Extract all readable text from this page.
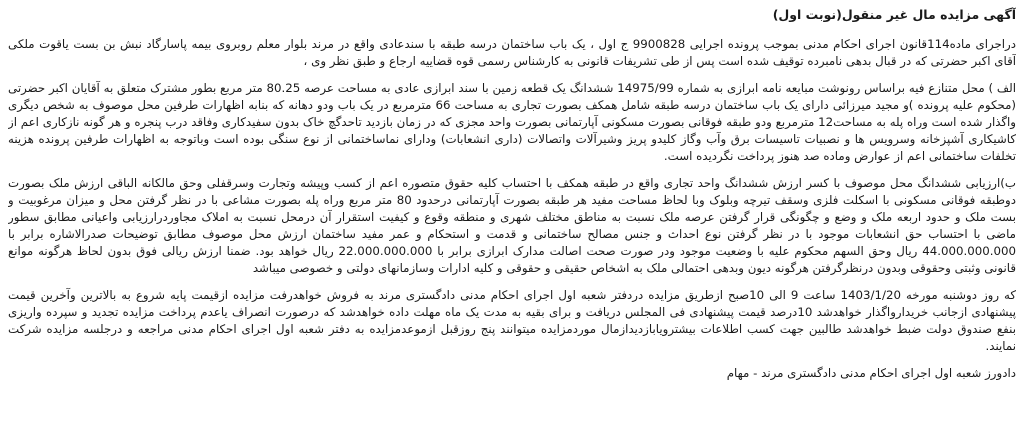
آگهی مزایده مال غیر منقول(نوبت اول)

دراجرای ماده114قانون اجرای احکام مدنی بموجب پرونده اجرایی 9900828 ج اول ، یک باب ساختمان درسه طبقه با سندعادی واقع در مرند بلوار معلم روبروی بیمه پاسارگاد نبش بن بست یاقوت ملکی آقای اکبر حضرتی که در قبال بدهی نامبرده توقیف شده است پس از طی تشریفات قانونی به کارشناس رسمی قوه قضاییه ارجاع و طبق نظر وی ،

الف ) محل متنازع فیه براساس رونوشت مبایعه نامه ابرازی به شماره 14975/99 ششدانگ یک قطعه زمین با سند ابرازی عادی به مساحت عرصه 80.25 متر مربع بطور مشترک متعلق به آقایان اکبر حضرتی (محکوم علیه پرونده )و مجید میرزائی دارای یک باب ساختمان درسه طبقه شامل همکف بصورت تجاری به مساحت 66 مترمربع در یک باب ودو دهانه که بنابه اظهارات طرفین محل موصوف به شخص دیگری واگذار شده است وراه پله به مساحت12 مترمربع ودو طبقه فوقانی بصورت مسکونی آپارتمانی بصورت واحد مجزی که در زمان بازدید تاحدگچ خاک بدون سفیدکاری وفاقد درب پنجره و هر گونه نازکاری اعم از کاشیکاری آشپزخانه وسرویس ها و نصبیات تاسیسات برق وآب وگاز کلیدو پریز وشیرآلات واتصالات (داری انشعابات) ودارای نماساختمانی از نوع سنگی بوده است وباتوجه به اظهارات طرفین پرونده هزینه تخلفات ساختمانی اعم از عوارض وماده صد هنوز پرداخت نگردیده است.

ب)ارزیابی ششدانگ محل موصوف با کسر ارزش ششدانگ واحد تجاری واقع در طبقه همکف با احتساب کلیه حقوق متصوره اعم از کسب وپیشه وتجارت وسرقفلی وحق مالکانه الباقی ارزش ملک بصورت دوطبقه فوقانی مسکونی با اسکلت فلزی وسقف تیرچه وبلوک وبا لحاظ مساحت مفید هر طبقه بصورت آپارتمانی درحدود 80 متر مربع وراه پله بصورت مشاعی با در نظر گرفتن محل و میزان مرغوبیت و بست ملک و حدود اربعه ملک و وضع و چگونگی قرار گرفتن عرصه ملک نسبت به مناطق مختلف شهری و منطقه وقوع و کیفیت استقرار آن درمحل نسبت به املاک مجاوردرارزیابی واعیانی مطابق سطور ماضی با احتساب حق انشعابات موجود با در نظر گرفتن نوع احداث و جنس مصالح ساختمانی و قدمت و استحکام و عمر مفید ساختمان ارزش محل موصوف مطابق توضیحات صدرالاشاره برابر با 44.000.000.000 ریال وحق السهم محکوم علیه با وضعیت موجود ودر صورت صحت اصالت مدارک ابرازی برابر با 22.000.000.000 ریال خواهد بود. ضمنا ارزش ریالی فوق بدون لحاظ هرگونه موانع قانونی وثبتی وحقوقی وبدون درنظرگرفتن هرگونه دیون وبدهی احتمالی ملک به اشخاص حقیقی و حقوقی و کلیه ادارات وسازمانهای دولتی و خصوصی میباشد

که روز دوشنبه مورخه 1403/1/20 ساعت 9 الی 10صبح ازطریق مزایده دردفتر شعبه اول اجرای احکام مدنی دادگستری مرند به فروش خواهدرفت مزایده ازقیمت پایه شروع به بالاترین وآخرین قیمت پیشنهادی ازجانب خریدارواگذار خواهدشد 10درصد قیمت پیشنهادی فی المجلس دریافت و برای بقیه به مدت یک ماه مهلت داده خواهدشد که درصورت انصراف یاعدم پرداخت مزایده تجدید و سپرده واریزی بنفع صندوق دولت ضبط خواهدشد طالبین جهت کسب اطلاعات بیشترویابازدیدازمال موردمزایده میتوانند پنج روزقبل ازموعدمزایده به دفتر شعبه اول اجرای احکام مدنی مراجعه و درجلسه مزایده شرکت نمایند.

دادورز شعبه اول اجرای احکام مدنی دادگستری مرند - مهام
